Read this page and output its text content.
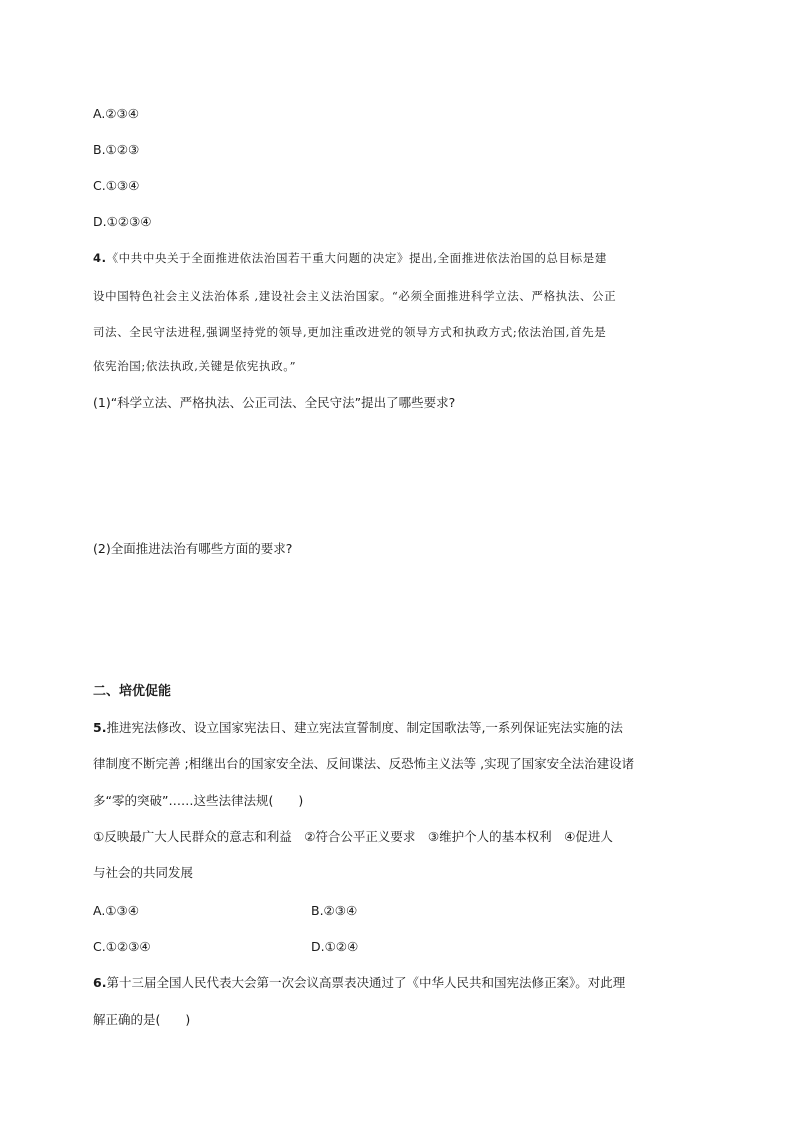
A.②③④
B.①②③
C.①③④
D.①②③④
4.《中共中央关于全面推进依法治国若干重大问题的决定》提出,全面推进依法治国的总目标是建
设中国特色社会主义法治体系 ,建设社会主义法治国家。“必须全面推进科学立法、严格执法、公正
司法、全民守法进程,强调坚持党的领导,更加注重改进党的领导方式和执政方式;依法治国,首先是
依宪治国;依法执政,关键是依宪执政。”
(1)“科学立法、严格执法、公正司法、全民守法”提出了哪些要求?
(2)全面推进法治有哪些方面的要求?
二、培优促能
5.推进宪法修改、设立国家宪法日、建立宪法宣誓制度、制定国歌法等,一系列保证宪法实施的法
律制度不断完善 ;相继出台的国家安全法、反间谍法、反恐怖主义法等 ,实现了国家安全法治建设诸
多“零的突破”……这些法律法规(　　)
①反映最广大人民群众的意志和利益　②符合公平正义要求　③维护个人的基本权利　④促进人
与社会的共同发展
A.①③④	B.②③④
C.①②③④	D.①②④
6.第十三届全国人民代表大会第一次会议高票表决通过了《中华人民共和国宪法修正案》。对此理
解正确的是(　　)
